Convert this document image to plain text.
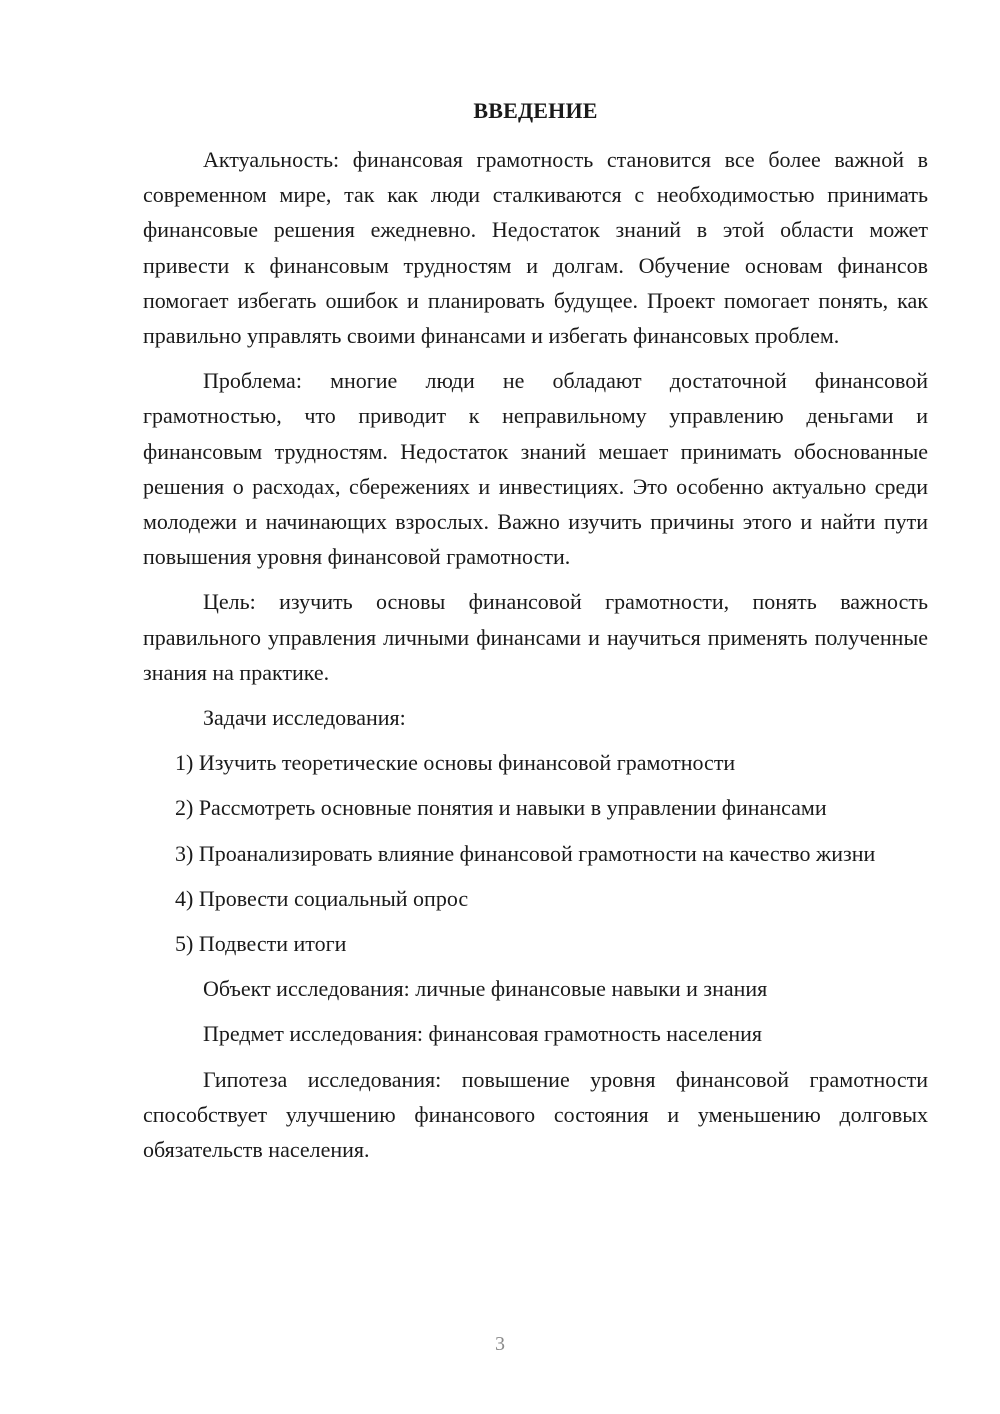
ВВЕДЕНИЕ

Актуальность: финансовая грамотность становится все более важной в современном мире, так как люди сталкиваются с необходимостью принимать финансовые решения ежедневно. Недостаток знаний в этой области может привести к финансовым трудностям и долгам. Обучение основам финансов помогает избегать ошибок и планировать будущее. Проект помогает понять, как правильно управлять своими финансами и избегать финансовых проблем.

Проблема: многие люди не обладают достаточной финансовой грамотностью, что приводит к неправильному управлению деньгами и финансовым трудностям. Недостаток знаний мешает принимать обоснованные решения о расходах, сбережениях и инвестициях. Это особенно актуально среди молодежи и начинающих взрослых. Важно изучить причины этого и найти пути повышения уровня финансовой грамотности.

Цель: изучить основы финансовой грамотности, понять важность правильного управления личными финансами и научиться применять полученные знания на практике.

Задачи исследования:

1) Изучить теоретические основы финансовой грамотности

2) Рассмотреть основные понятия и навыки в управлении финансами

3) Проанализировать влияние финансовой грамотности на качество жизни

4) Провести социальный опрос

5) Подвести итоги

Объект исследования: личные финансовые навыки и знания

Предмет исследования: финансовая грамотность населения

Гипотеза исследования: повышение уровня финансовой грамотности способствует улучшению финансового состояния и уменьшению долговых обязательств населения.

3
